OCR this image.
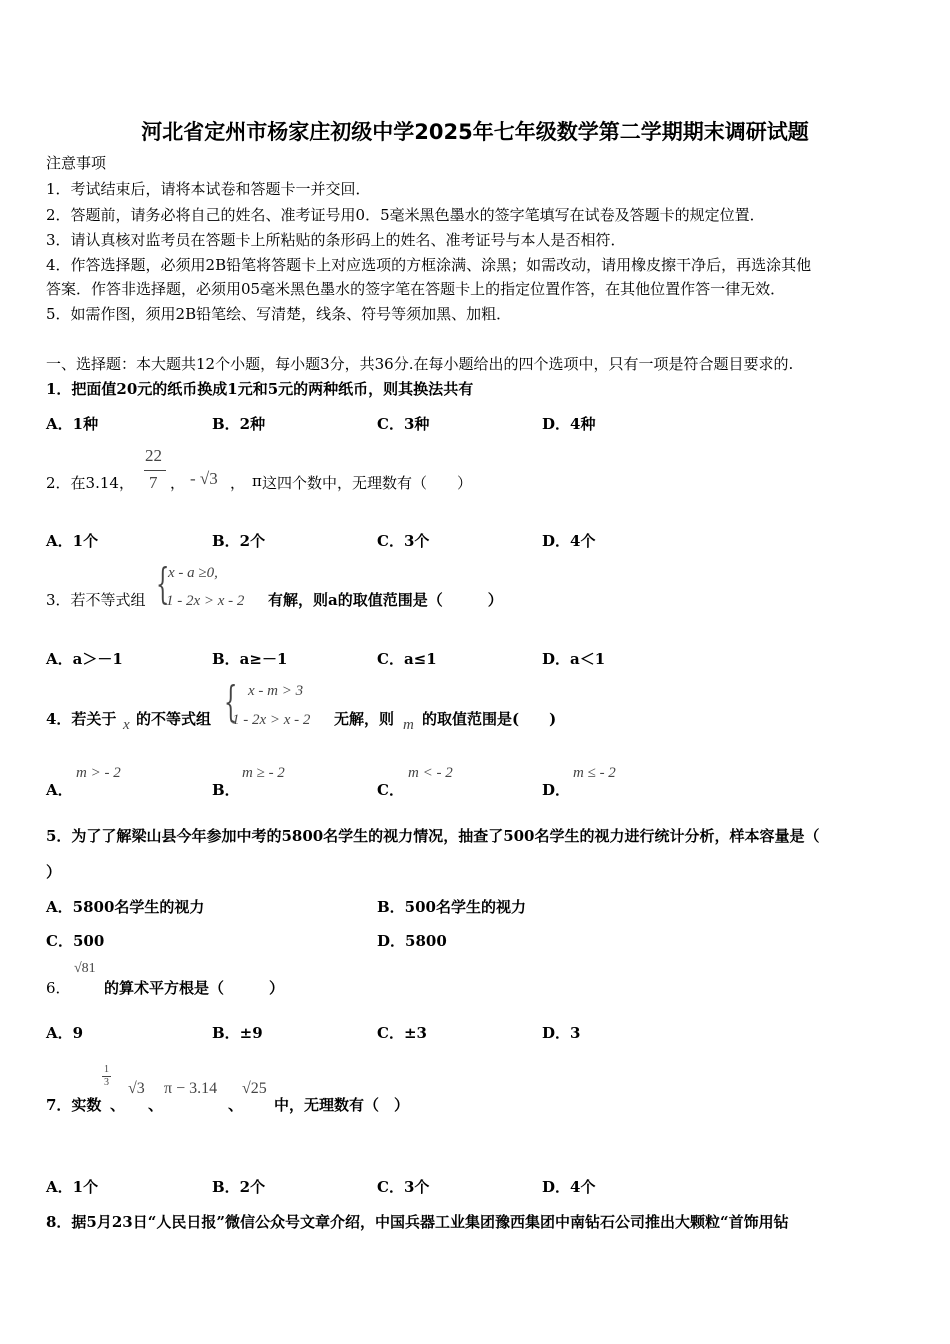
河北省定州市杨家庄初级中学2025年七年级数学第二学期期末调研试题
注意事项
1．考试结束后，请将本试卷和答题卡一并交回．
2．答题前，请务必将自己的姓名、准考证号用0．5毫米黑色墨水的签字笔填写在试卷及答题卡的规定位置．
3．请认真核对监考员在答题卡上所粘贴的条形码上的姓名、准考证号与本人是否相符．
4．作答选择题，必须用2B铅笔将答题卡上对应选项的方框涂满、涂黑；如需改动，请用橡皮擦干净后，再选涂其他
答案．作答非选择题，必须用05毫米黑色墨水的签字笔在答题卡上的指定位置作答，在其他位置作答一律无效．
5．如需作图，须用2B铅笔绘、写清楚，线条、符号等须加黑、加粗．
一、选择题：本大题共12个小题，每小题3分，共36分.在每小题给出的四个选项中，只有一项是符合题目要求的.
1．把面值20元的纸币换成1元和5元的两种纸币，则其换法共有
A．1种	B．2种	C．3种	D．4种
2．在3.14，
22
7 ， - √3 ， π 这四个数中，无理数有（　　）
A．1个	B．2个	C．3个	D．4个
3．若不等式组 {
x - a ≥0,
1 - 2x > x - 2 有解，则a的取值范围是（　　　）
A．a＞－1	B．a≥－1	C．a≤1	D．a＜1
4．若关于 x 的不等式组 { x - m > 3
1 - 2x > x - 2 无解，则 m 的取值范围是(　　)
A．
m > - 2
B．
m ≥ - 2
C．
m < - 2
D．
m ≤ - 2
5．为了了解梁山县今年参加中考的5800名学生的视力情况，抽查了500名学生的视力进行统计分析，样本容量是（
）
A．5800名学生的视力	B．500名学生的视力
C．500	D．5800
6．
√81
的算术平方根是（　　　）
A．9	B．±9	C．±3	D．3
7．实数
1
3
、
√3
、
π − 3.14
、
√25
中，无理数有（　）
A．1个	B．2个	C．3个	D．4个
8．据5月23日“人民日报”微信公众号文章介绍，中国兵器工业集团豫西集团中南钻石公司推出大颗粒“首饰用钻
